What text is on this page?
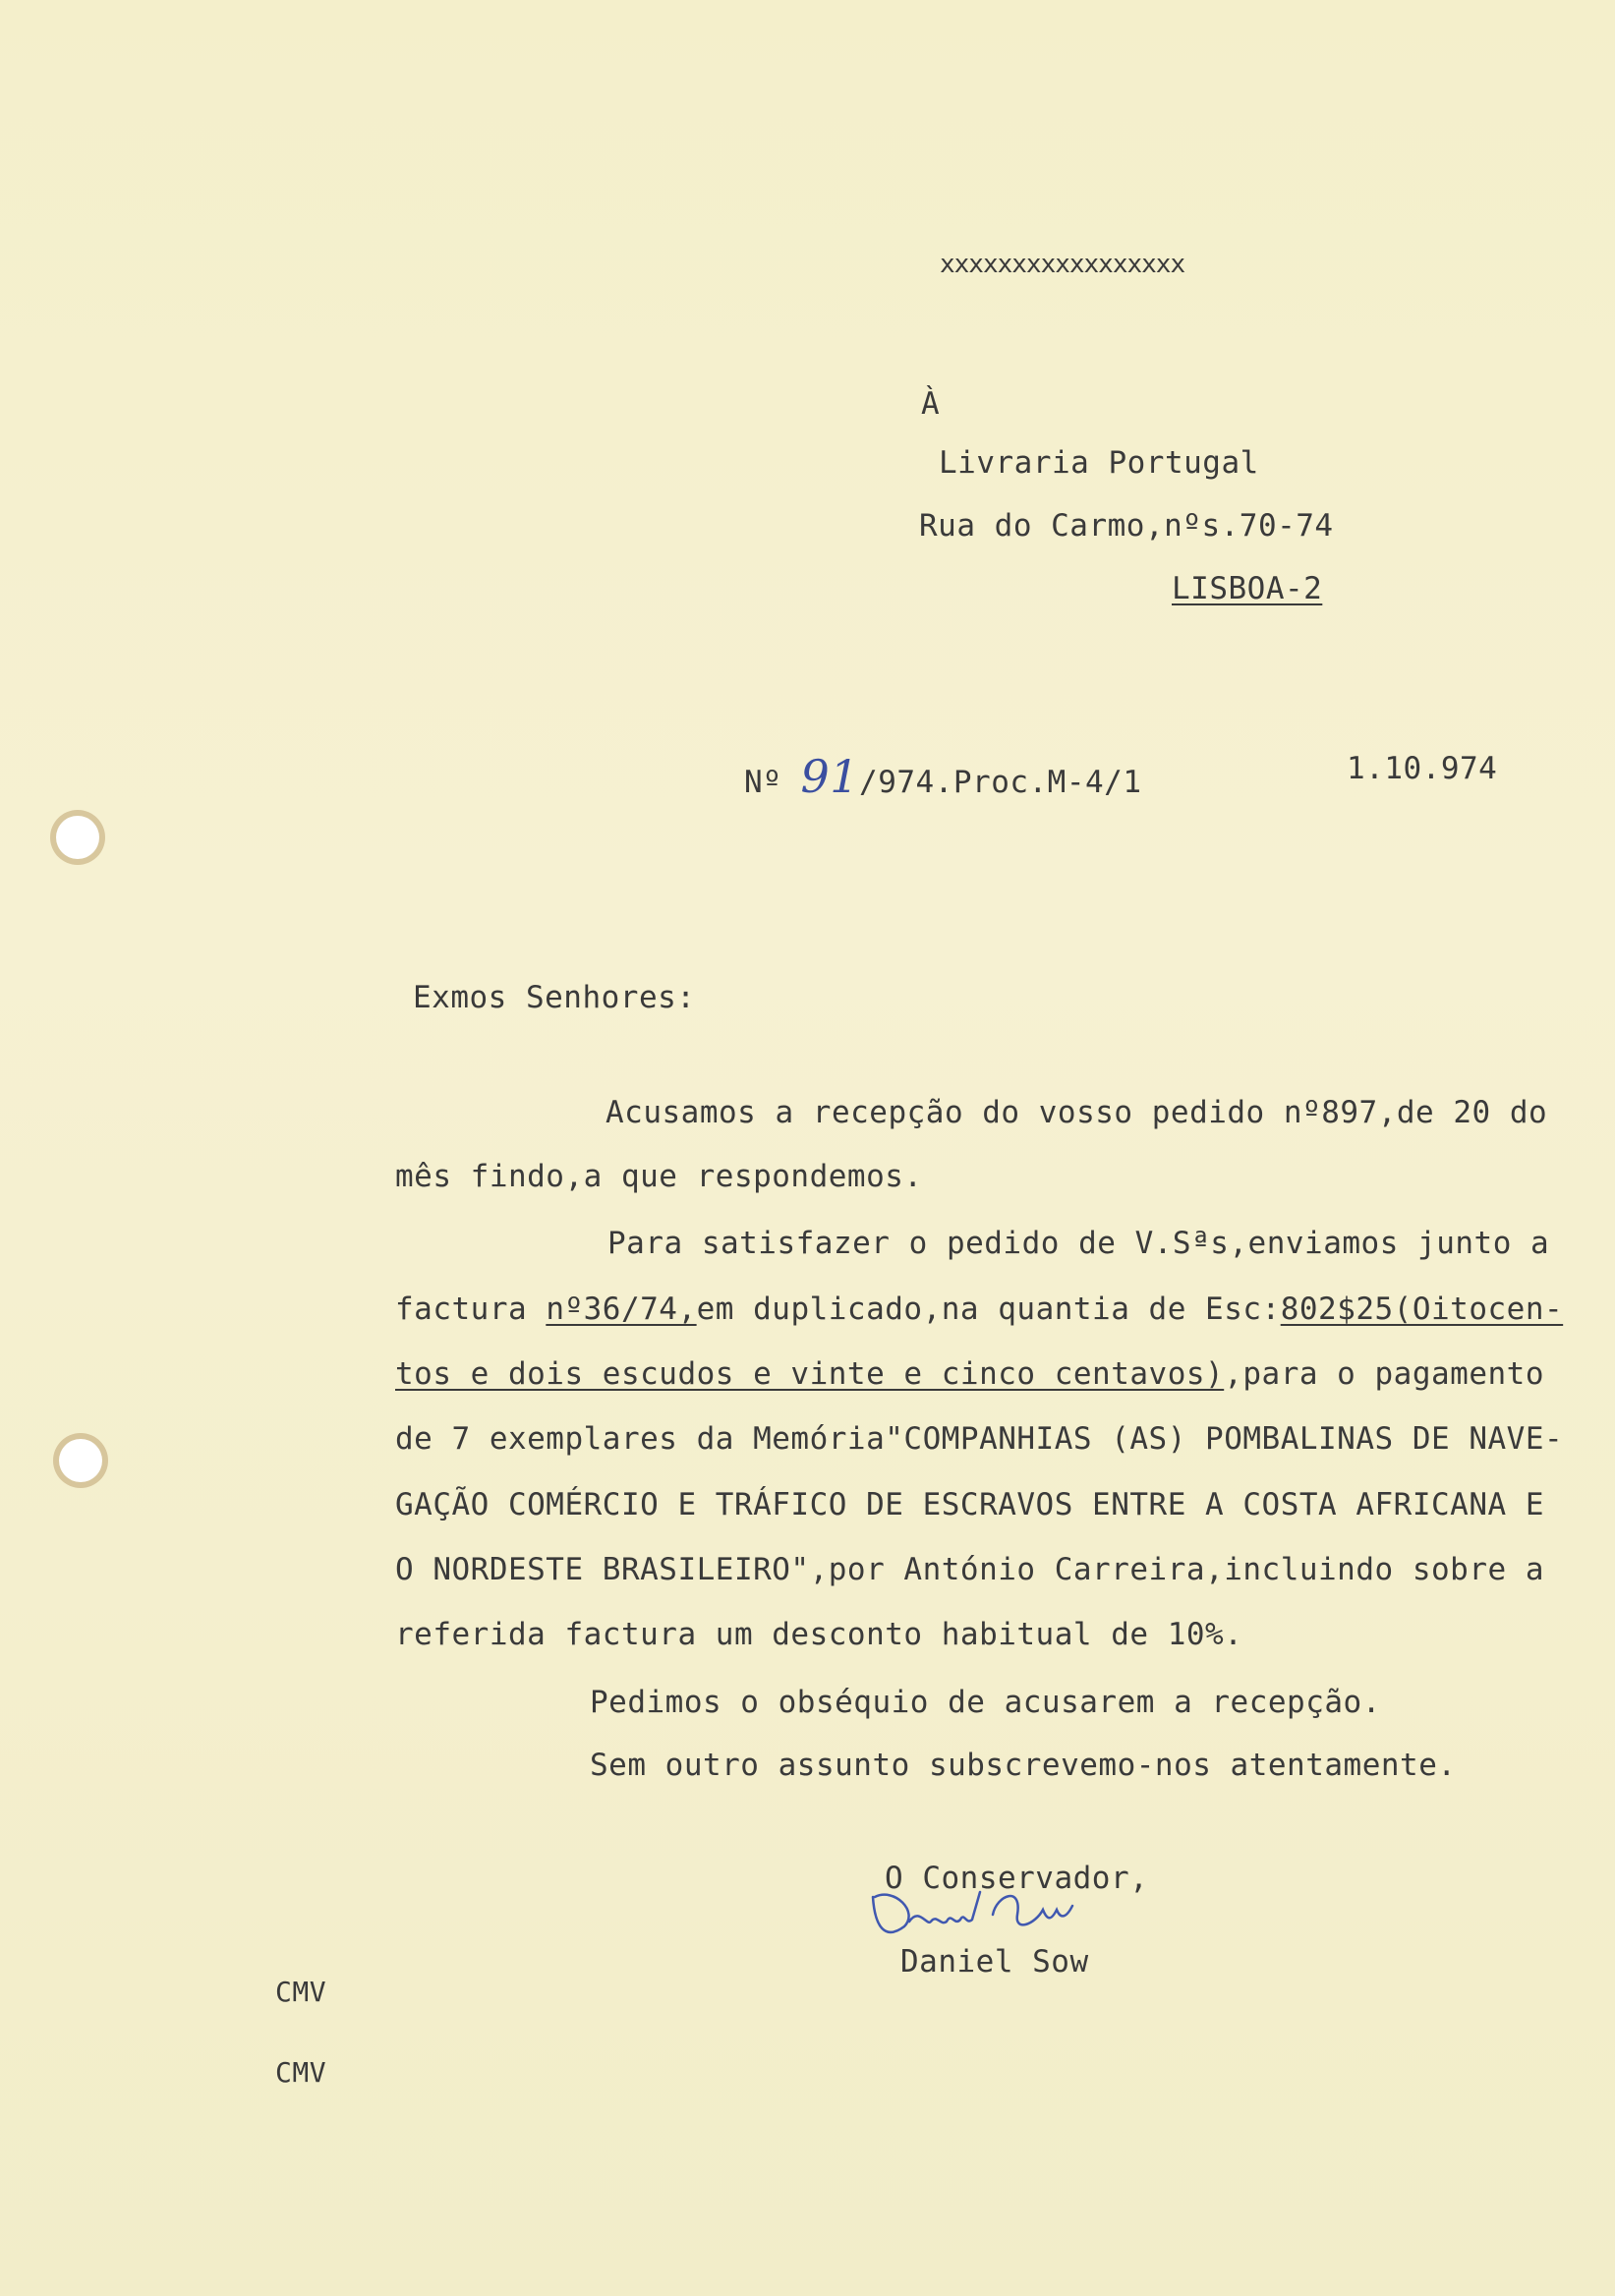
xxxxxxxxxxxxxxxxx
À
Livraria Portugal
Rua do Carmo,nºs.70-74
LISBOA-2
Nº 91/974.Proc.M-4/1	1.10.974
Exmos Senhores:
Acusamos a recepção do vosso pedido nº897,de 20 do
mês findo,a que respondemos.
Para satisfazer o pedido de V.Sªs,enviamos junto a
factura nº36/74,em duplicado,na quantia de Esc:802$25(Oitocen-
tos e dois escudos e vinte e cinco centavos),para o pagamento
de 7 exemplares da Memória"COMPANHIAS (AS) POMBALINAS DE NAVE-
GAÇÃO COMÉRCIO E TRÁFICO DE ESCRAVOS ENTRE A COSTA AFRICANA E
O NORDESTE BRASILEIRO",por António Carreira,incluindo sobre a
referida factura um desconto habitual de 10%.
Pedimos o obséquio de acusarem a recepção.
Sem outro assunto subscrevemo-nos atentamente.
O Conservador,
Daniel Sow
CMV
CMV
